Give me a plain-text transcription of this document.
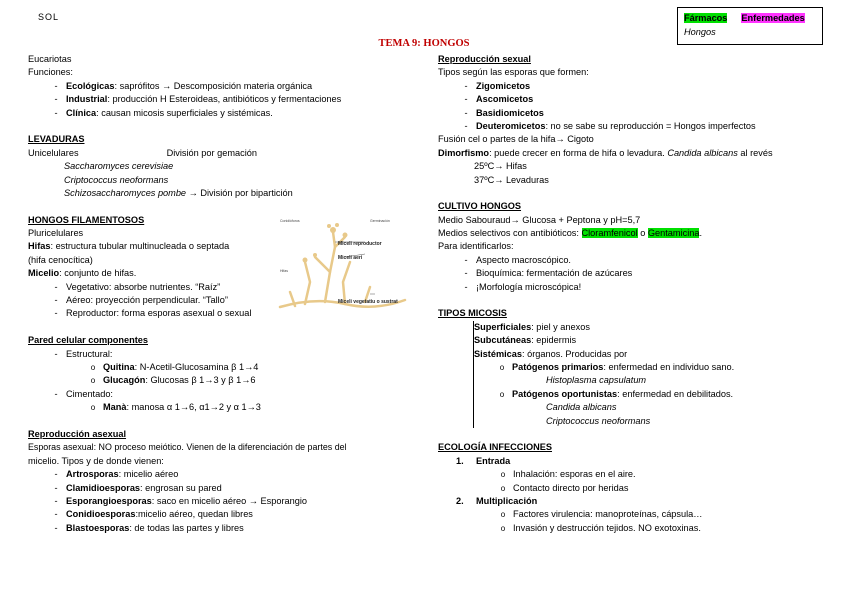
SOL
TEMA 9: HONGOS
Fármacos Enfermedades
Hongos
Eucariotas
Funciones:
- Ecológicas: saprófitos → Descomposición materia orgánica
- Industrial: producción H Esteroideas, antibióticos y fermentaciones
- Clínica: causan micosis superficiales y sistémicas.
LEVADURAS
Unicelulares	División por gemación
Saccharomyces cerevisiae
Criptococcus neoformans
Schizosaccharomyces pombe → División por bipartición
HONGOS FILAMENTOSOS
Pluricelulares
Hifas: estructura tubular multinucleada o septada
(hifa cenocítica)
Micelio: conjunto de hifas.
- Vegetativo: absorbe nutrientes. “Raíz”
- Aéreo: proyección perpendicular. “Tallo”
- Reproductor: forma esporas asexual o sexual
Pared celular componentes
- Estructural:
o Quitina: N-Acetil-Glucosamina β 1→4
o Glucagón: Glucosas β 1→3 y β 1→6
- Cimentado:
o Manà: manosa α 1→6, α1→2 y α 1→3
Reproducción asexual
Esporas asexual: NO proceso meiótico. Vienen de la diferenciación de partes del
micelio. Tipos y de donde vienen:
- Artrosporas: micelio aéreo
- Clamidioesporas: engrosan su pared
- Esporangioesporas: saco en micelio aéreo → Esporangio
- Conidioesporas:micelio aéreo, quedan libres
- Blastoesporas: de todas las partes y libres
Conidióforos
Hifas
Germinación
Miceli reproductor
Miceli aeri
Miceli vegetatiu o sustrat
Reproducción sexual
Tipos según las esporas que formen:
- Zigomicetos
- Ascomicetos
- Basidiomicetos
- Deuteromicetos: no se sabe su reproducción = Hongos imperfectos
Fusión cel o partes de la hifa→ Cigoto
Dimorfismo: puede crecer en forma de hifa o levadura. Candida albicans al revés
25ºC→ Hifas
37ºC→ Levaduras
CULTIVO HONGOS
Medio Sabouraud→ Glucosa + Peptona y pH=5,7
Medios selectivos con antibióticos: Cloramfenicol o Gentamicina.
Para identificarlos:
- Aspecto macroscópico.
- Bioquímica: fermentación de azúcares
- ¡Morfología microscópica!
TIPOS MICOSIS
Superficiales: piel y anexos
Subcutáneas: epidermis
Sistémicas: órganos. Producidas por
o Patógenos primarios: enfermedad en individuo sano.
Histoplasma capsulatum
o Patógenos oportunistas: enfermedad en debilitados.
Candida albicans
Criptococcus neoformans
ECOLOGÍA INFECCIONES
1. Entrada
o Inhalación: esporas en el aire.
o Contacto directo por heridas
2. Multiplicación
o Factores virulencia: manoproteínas, cápsula…
o Invasión y destrucción tejidos. NO exotoxinas.
